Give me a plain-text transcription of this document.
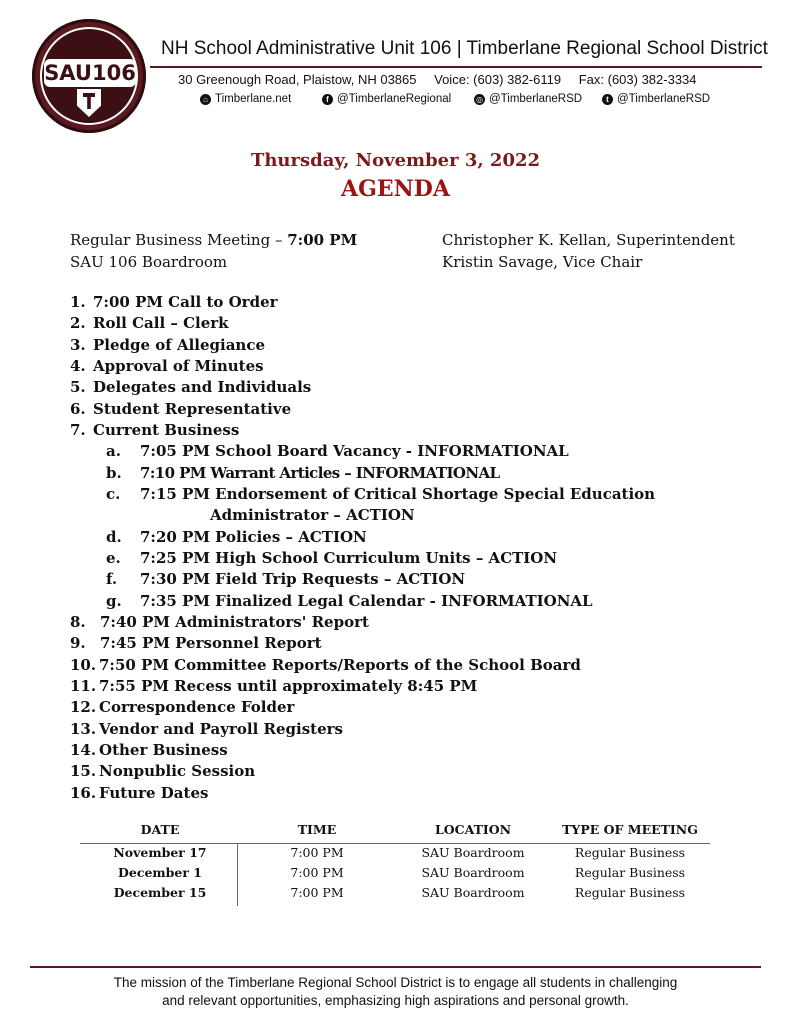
SAU106
NH School Administrative Unit 106 | Timberlane Regional School District
30 Greenough Road, Plaistow, NH 03865 Voice: (603) 382-6119 Fax: (603) 382-3334
⌂ Timberlane.net	f @TimberlaneRegional	◎ @TimberlaneRSD	t @TimberlaneRSD
Thursday, November 3, 2022
AGENDA
Regular Business Meeting – 7:00 PM
SAU 106 Boardroom
Christopher K. Kellan, Superintendent
Kristin Savage, Vice Chair
1. 7:00 PM Call to Order
2. Roll Call – Clerk
3. Pledge of Allegiance
4. Approval of Minutes
5. Delegates and Individuals
6. Student Representative
7. Current Business
a. 7:05 PM School Board Vacancy - INFORMATIONAL
b. 7:10 PM Warrant Articles – INFORMATIONAL
c. 7:15 PM Endorsement of Critical Shortage Special Education
Administrator – ACTION
d. 7:20 PM Policies – ACTION
e. 7:25 PM High School Curriculum Units – ACTION
f. 7:30 PM Field Trip Requests – ACTION
g. 7:35 PM Finalized Legal Calendar - INFORMATIONAL
8. 7:40 PM Administrators' Report
9. 7:45 PM Personnel Report
10. 7:50 PM Committee Reports/Reports of the School Board
11. 7:55 PM Recess until approximately 8:45 PM
12. Correspondence Folder
13. Vendor and Payroll Registers
14. Other Business
15. Nonpublic Session
16. Future Dates
DATE	TIME	LOCATION	TYPE OF MEETING
November 17	7:00 PM	SAU Boardroom	Regular Business
December 1	7:00 PM	SAU Boardroom	Regular Business
December 15	7:00 PM	SAU Boardroom	Regular Business
The mission of the Timberlane Regional School District is to engage all students in challenging
and relevant opportunities, emphasizing high aspirations and personal growth.
